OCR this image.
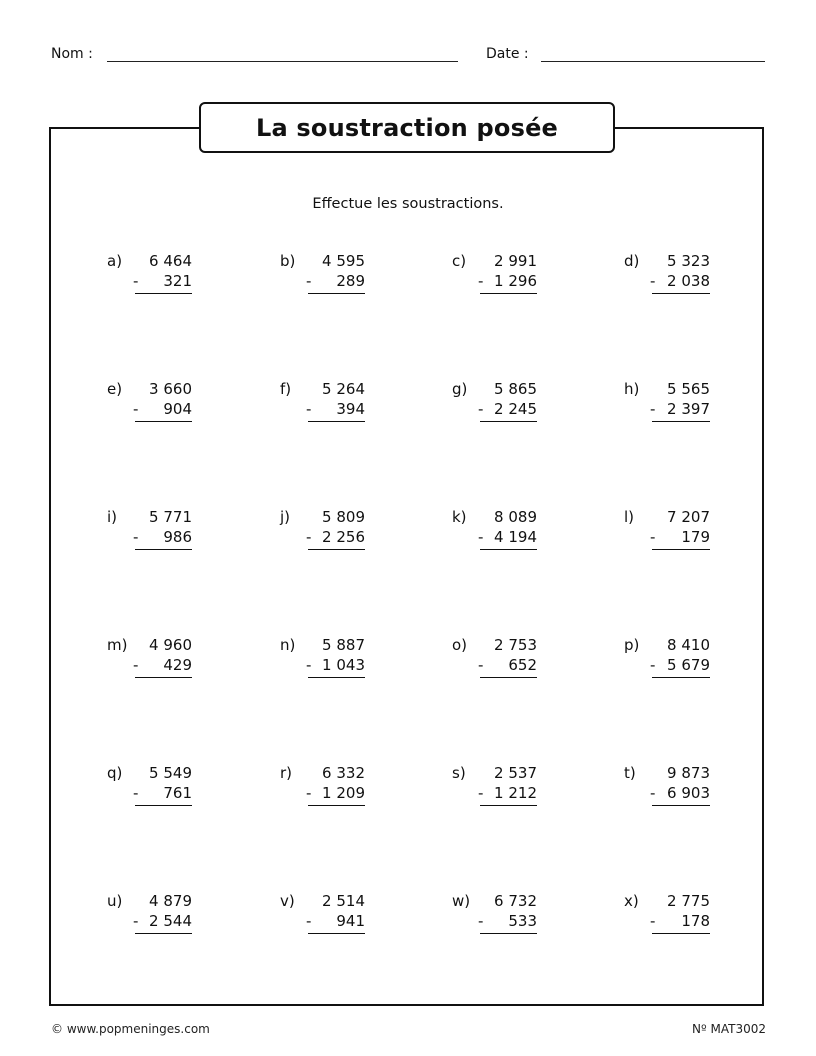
Nom :	Date :
La soustraction posée
Effectue les soustractions.
a) 6 464
- 321
b) 4 595
- 289
c) 2 991
- 1 296
d) 5 323
- 2 038
e) 3 660
- 904
f) 5 264
- 394
g) 5 865
- 2 245
h) 5 565
- 2 397
i) 5 771
- 986
j) 5 809
- 2 256
k) 8 089
- 4 194
l) 7 207
- 179
m) 4 960
- 429
n) 5 887
- 1 043
o) 2 753
- 652
p) 8 410
- 5 679
q) 5 549
- 761
r) 6 332
- 1 209
s) 2 537
- 1 212
t) 9 873
- 6 903
u) 4 879
- 2 544
v) 2 514
- 941
w) 6 732
- 533
x) 2 775
- 178
© www.popmeninges.com	Nº MAT3002
